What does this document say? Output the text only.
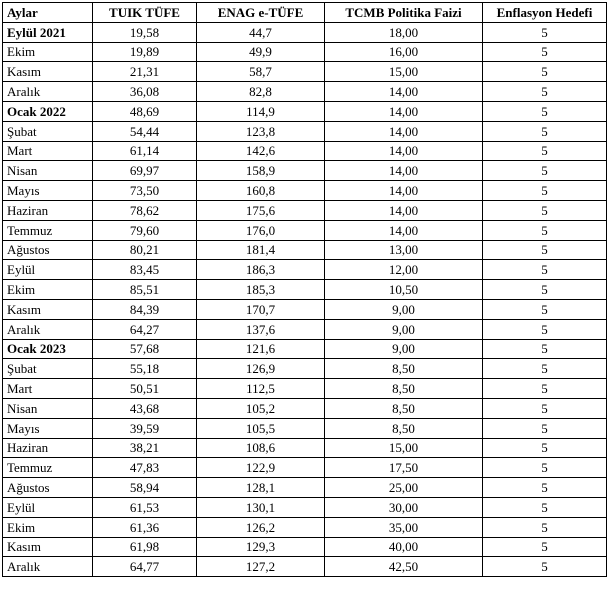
Aylar	TUIK TÜFE	ENAG e-TÜFE	TCMB Politika Faizi	Enflasyon Hedefi
Eylül 2021	19,58	44,7	18,00	5
Ekim	19,89	49,9	16,00	5
Kasım	21,31	58,7	15,00	5
Aralık	36,08	82,8	14,00	5
Ocak 2022	48,69	114,9	14,00	5
Şubat	54,44	123,8	14,00	5
Mart	61,14	142,6	14,00	5
Nisan	69,97	158,9	14,00	5
Mayıs	73,50	160,8	14,00	5
Haziran	78,62	175,6	14,00	5
Temmuz	79,60	176,0	14,00	5
Ağustos	80,21	181,4	13,00	5
Eylül	83,45	186,3	12,00	5
Ekim	85,51	185,3	10,50	5
Kasım	84,39	170,7	9,00	5
Aralık	64,27	137,6	9,00	5
Ocak 2023	57,68	121,6	9,00	5
Şubat	55,18	126,9	8,50	5
Mart	50,51	112,5	8,50	5
Nisan	43,68	105,2	8,50	5
Mayıs	39,59	105,5	8,50	5
Haziran	38,21	108,6	15,00	5
Temmuz	47,83	122,9	17,50	5
Ağustos	58,94	128,1	25,00	5
Eylül	61,53	130,1	30,00	5
Ekim	61,36	126,2	35,00	5
Kasım	61,98	129,3	40,00	5
Aralık	64,77	127,2	42,50	5
